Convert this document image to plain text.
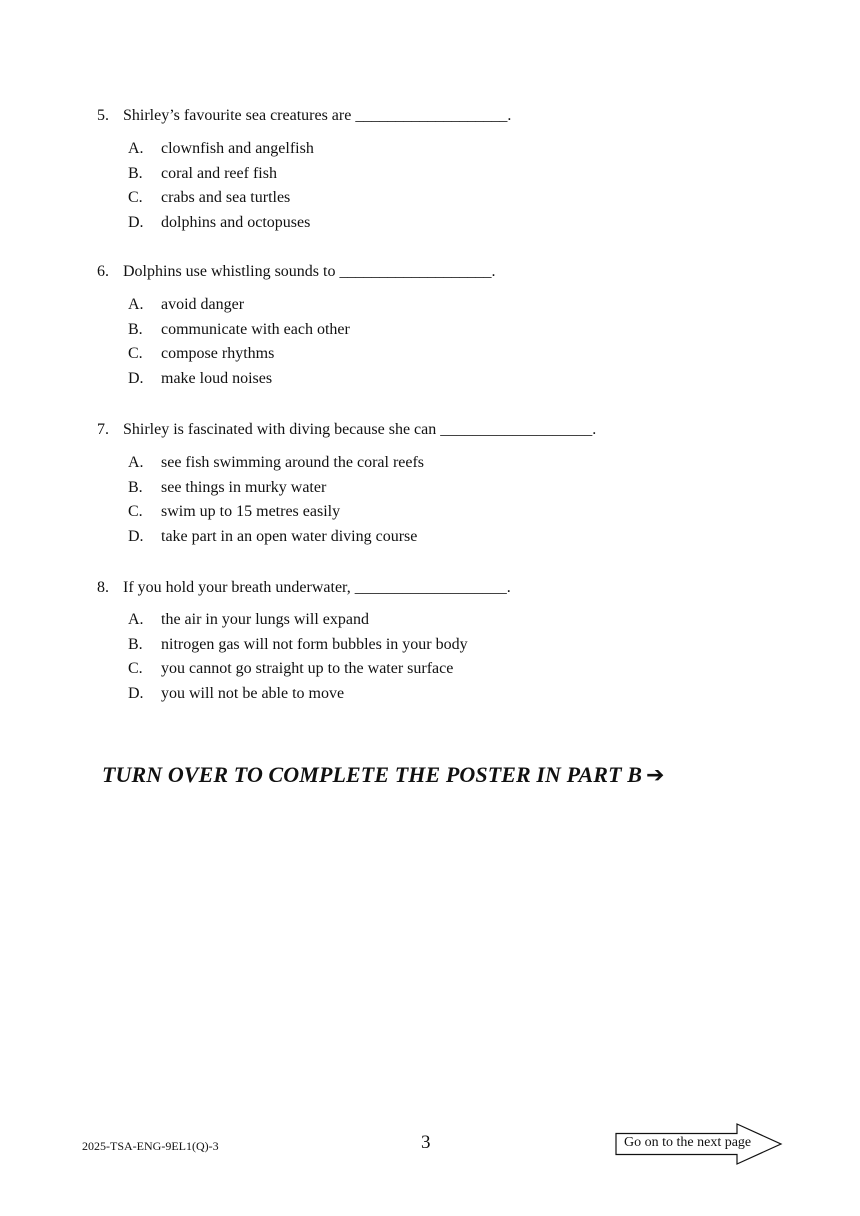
5. Shirley’s favourite sea creatures are ___________________.
A. clownfish and angelfish
B. coral and reef fish
C. crabs and sea turtles
D. dolphins and octopuses
6. Dolphins use whistling sounds to ___________________.
A. avoid danger
B. communicate with each other
C. compose rhythms
D. make loud noises
7. Shirley is fascinated with diving because she can ___________________.
A. see fish swimming around the coral reefs
B. see things in murky water
C. swim up to 15 metres easily
D. take part in an open water diving course
8. If you hold your breath underwater, ___________________.
A. the air in your lungs will expand
B. nitrogen gas will not form bubbles in your body
C. you cannot go straight up to the water surface
D. you will not be able to move
TURN OVER TO COMPLETE THE POSTER IN PART B ➔
2025-TSA-ENG-9EL1(Q)-3	3	Go on to the next page
